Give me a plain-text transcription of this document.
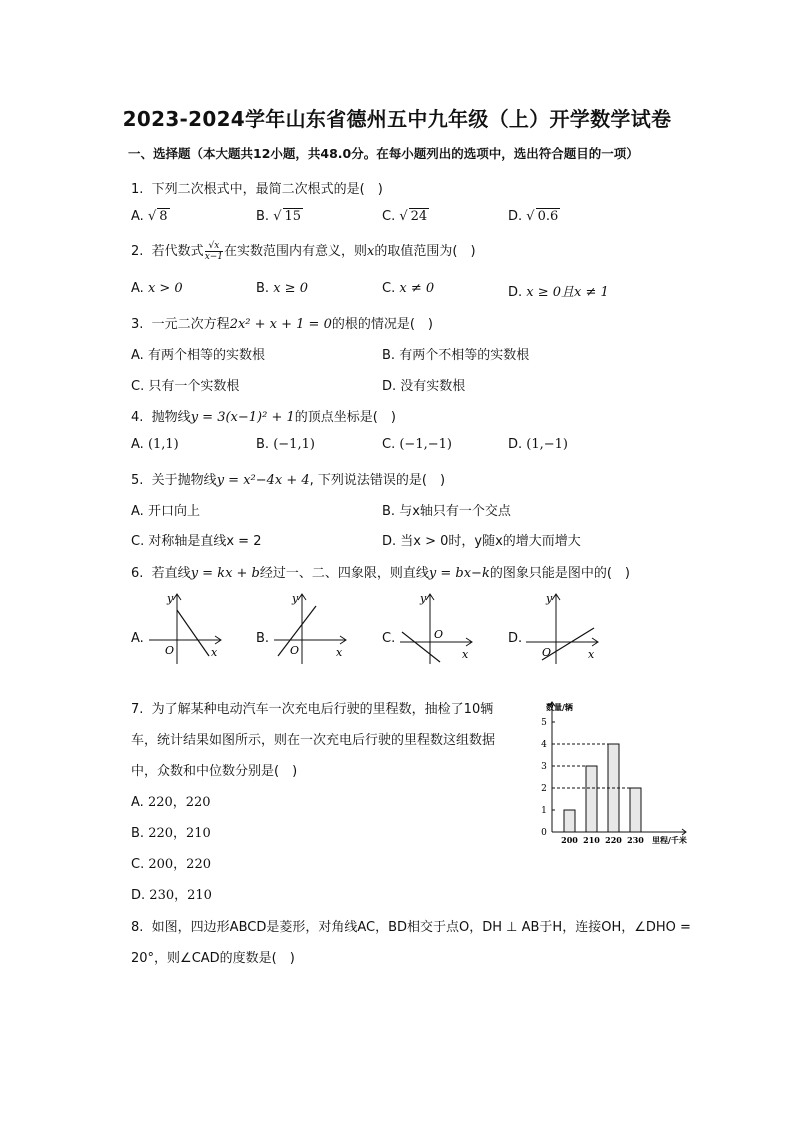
2023-2024学年山东省德州五中九年级（上）开学数学试卷
一、选择题（本大题共12小题，共48.0分。在每小题列出的选项中，选出符合题目的一项）
1. 下列二次根式中，最简二次根式的是(　)
A. √ 8	B. √ 15	C. √ 24	D. √ 0.6
2. 若代数式 $\frac{√x}{x-1}$ 在实数范围内有意义，则x的取值范围为(　)
A. x > 0	B. x ≥ 0	C. x ≠ 0	D. x ≥ 0且x ≠ 1
3. 一元二次方程2x² + x + 1 = 0的根的情况是(　)
A. 有两个相等的实数根	B. 有两个不相等的实数根
C. 只有一个实数根	D. 没有实数根
4. 抛物线y = 3(x−1)² + 1的顶点坐标是(　)
A. (1,1)	B. (−1,1)	C. (−1,−1)	D. (1,−1)
5. 关于抛物线y = x²−4x + 4, 下列说法错误的是(　)
A. 开口向上	B. 与x轴只有一个交点
C. 对称轴是直线x = 2	D. 当x > 0时，y随x的增大而增大
6. 若直线y = kx + b经过一、二、四象限，则直线y = bx−k的图象只能是图中的(　)
A.
y
x
O
B.
y
x
O
C.
y
x
O	D.
y
x
O
7. 为了解某种电动汽车一次充电后行驶的里程数，抽检了10辆
车，统计结果如图所示，则在一次充电后行驶的里程数这组数据
中，众数和中位数分别是(　)
A. 220，220
B. 220，210
C. 200，220
D. 230，210
0
1
2
3
4
5
200 210 220 230
数量/辆
里程/千米
8. 如图，四边形ABCD是菱形，对角线AC，BD相交于点O，DH ⊥ AB于H，连接OH，∠DHO =
20°，则∠CAD的度数是(　)
